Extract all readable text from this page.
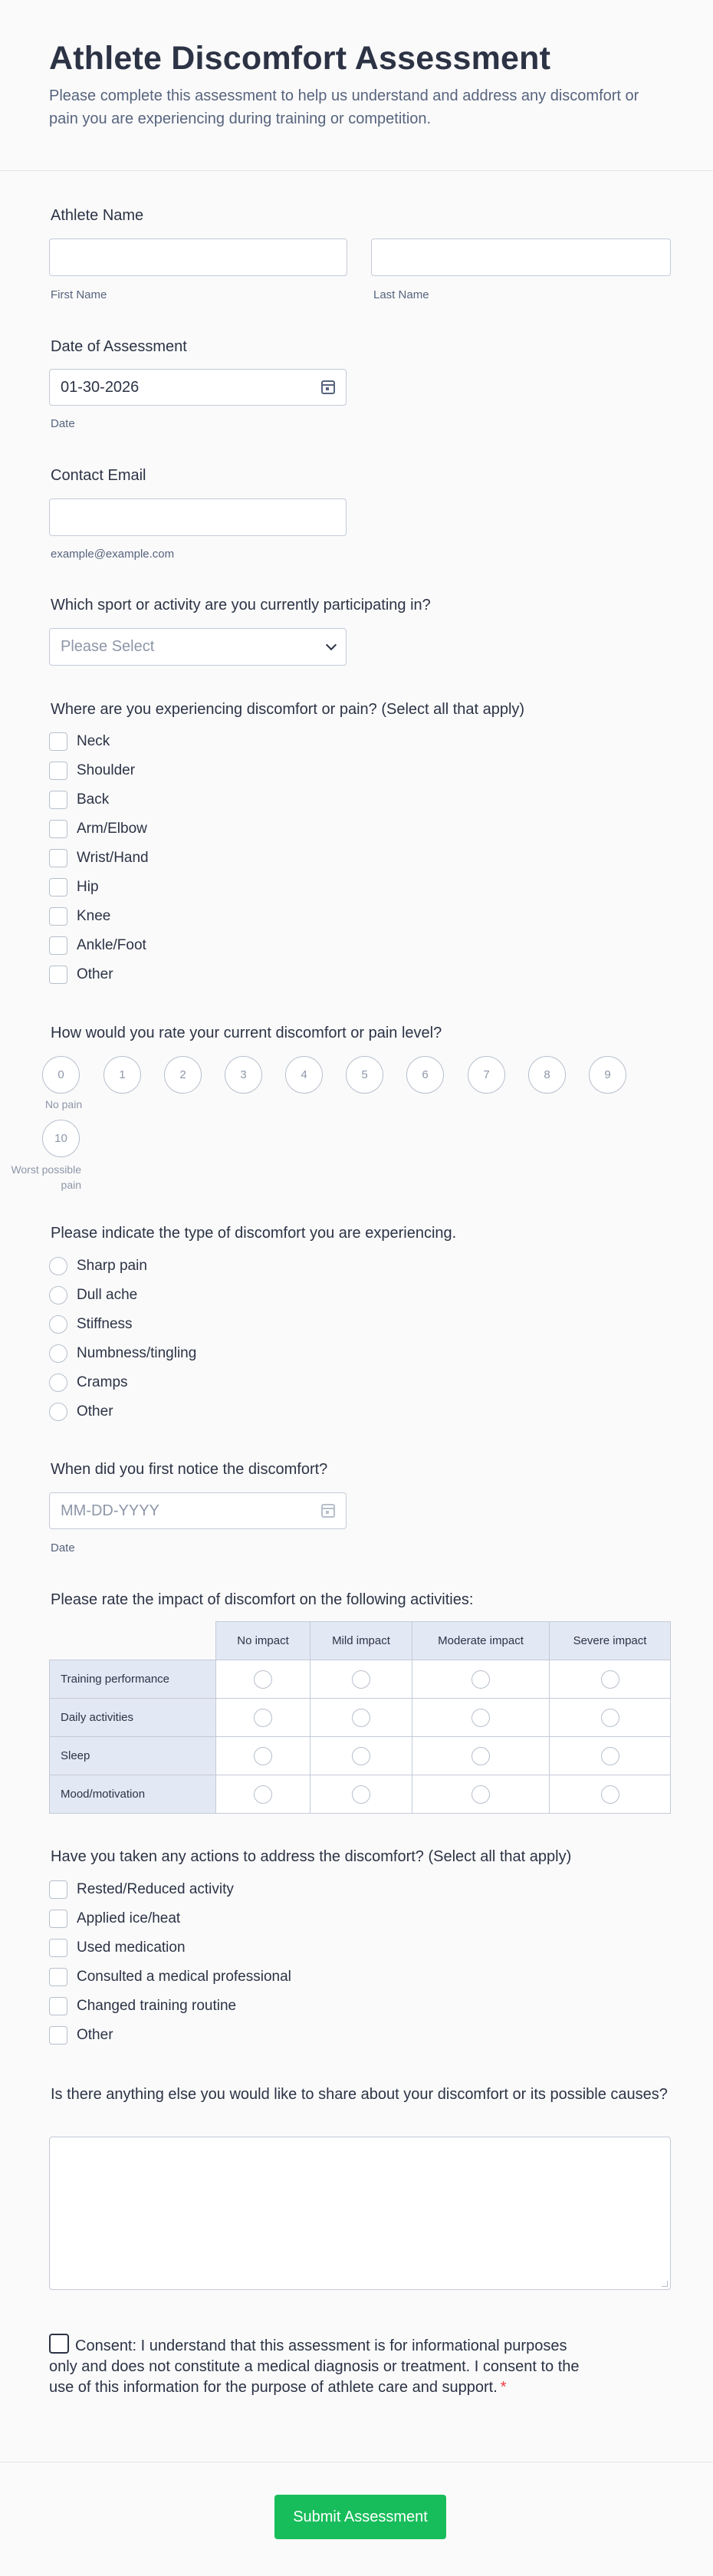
Athlete Discomfort Assessment

Please complete this assessment to help us understand and address any discomfort or pain you are experiencing during training or competition.

Athlete Name
First Name	Last Name
Date of Assessment
01-30-2026
Date
Contact Email
example@example.com
Which sport or activity are you currently participating in?
Please Select
Where are you experiencing discomfort or pain? (Select all that apply)
Neck
Shoulder
Back
Arm/Elbow
Wrist/Hand
Hip
Knee
Ankle/Foot
Other
How would you rate your current discomfort or pain level?
0	1	2	3	4	5	6	7	8	9
No pain
10
Worst possible
pain
Please indicate the type of discomfort you are experiencing.
Sharp pain
Dull ache
Stiffness
Numbness/tingling
Cramps
Other
When did you first notice the discomfort?
MM-DD-YYYY
Date
Please rate the impact of discomfort on the following activities:
	No impact	Mild impact	Moderate impact	Severe impact
Training performance				
Daily activities				
Sleep				
Mood/motivation				
Have you taken any actions to address the discomfort? (Select all that apply)
Rested/Reduced activity
Applied ice/heat
Used medication
Consulted a medical professional
Changed training routine
Other
Is there anything else you would like to share about your discomfort or its possible causes?
Consent: I understand that this assessment is for informational purposes only and does not constitute a medical diagnosis or treatment. I consent to the use of this information for the purpose of athlete care and support. *
Submit Assessment
